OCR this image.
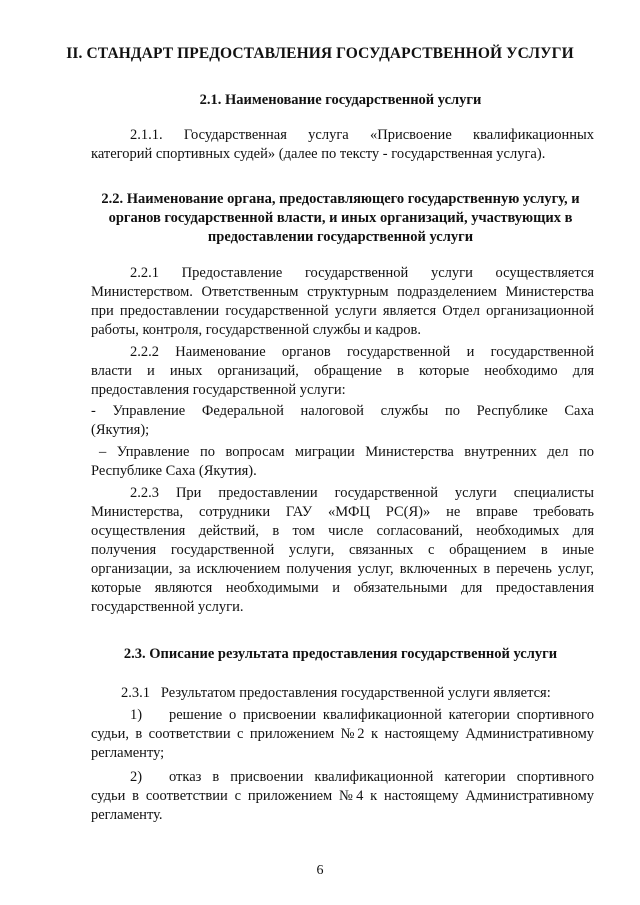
II. СТАНДАРТ ПРЕДОСТАВЛЕНИЯ ГОСУДАРСТВЕННОЙ УСЛУГИ
2.1. Наименование государственной услуги
2.1.1. Государственная услуга «Присвоение квалификационных
категорий спортивных судей» (далее по тексту - государственная услуга).
2.2. Наименование органа, предоставляющего государственную услугу, и
органов государственной власти, и иных организаций, участвующих в
предоставлении государственной услуги
2.2.1 Предоставление государственной услуги осуществляется
Министерством. Ответственным структурным подразделением Министерства
при предоставлении государственной услуги является Отдел организационной
работы, контроля, государственной службы и кадров.
2.2.2 Наименование органов государственной и государственной
власти и иных организаций, обращение в которые необходимо для
предоставления государственной услуги:
- Управление Федеральной налоговой службы по Республике Саха
(Якутия);
– Управление по вопросам миграции Министерства внутренних дел по
Республике Саха (Якутия).
2.2.3 При предоставлении государственной услуги специалисты
Министерства, сотрудники ГАУ «МФЦ РС(Я)» не вправе требовать
осуществления действий, в том числе согласований, необходимых для
получения государственной услуги, связанных с обращением в иные
организации, за исключением получения услуг, включенных в перечень услуг,
которые являются необходимыми и обязательными для предоставления
государственной услуги.
2.3. Описание результата предоставления государственной услуги
2.3.1   Результатом предоставления государственной услуги является:
1) решение о присвоении квалификационной категории спортивного
судьи, в соответствии с приложением №2 к настоящему Административному
регламенту;
2) отказ в присвоении квалификационной категории спортивного
судьи в соответствии с приложением №4 к настоящему Административному
регламенту.
6
